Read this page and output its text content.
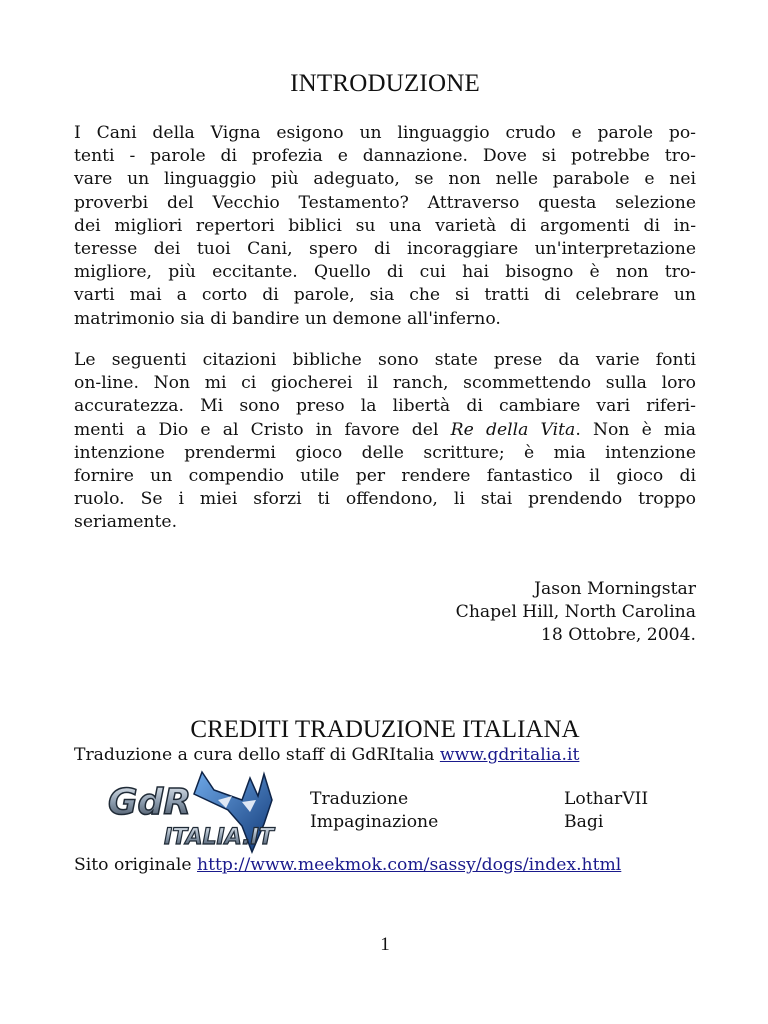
INTRODUZIONE

I Cani della Vigna esigono un linguaggio crudo e parole po-
tenti - parole di profezia e dannazione. Dove si potrebbe tro-
vare un linguaggio più adeguato, se non nelle parabole e nei
proverbi del Vecchio Testamento? Attraverso questa selezione
dei migliori repertori biblici su una varietà di argomenti di in-
teresse dei tuoi Cani, spero di incoraggiare un'interpretazione
migliore, più eccitante. Quello di cui hai bisogno è non tro-
varti mai a corto di parole, sia che si tratti di celebrare un
matrimonio sia di bandire un demone all'inferno.

Le seguenti citazioni bibliche sono state prese da varie fonti
on-line. Non mi ci giocherei il ranch, scommettendo sulla loro
accuratezza. Mi sono preso la libertà di cambiare vari riferi-
menti a Dio e al Cristo in favore del Re della Vita. Non è mia
intenzione prendermi gioco delle scritture; è mia intenzione
fornire un compendio utile per rendere fantastico il gioco di
ruolo. Se i miei sforzi ti offendono, li stai prendendo troppo
seriamente.

Jason Morningstar
Chapel Hill, North Carolina
18 Ottobre, 2004.
CREDITI TRADUZIONE ITALIANA
Traduzione a cura dello staff di GdRItalia www.gdritalia.it
GdR
ITALIA.IT
Traduzione
Impaginazione
LotharVII
Bagi
Sito originale http://www.meekmok.com/sassy/dogs/index.html
1
